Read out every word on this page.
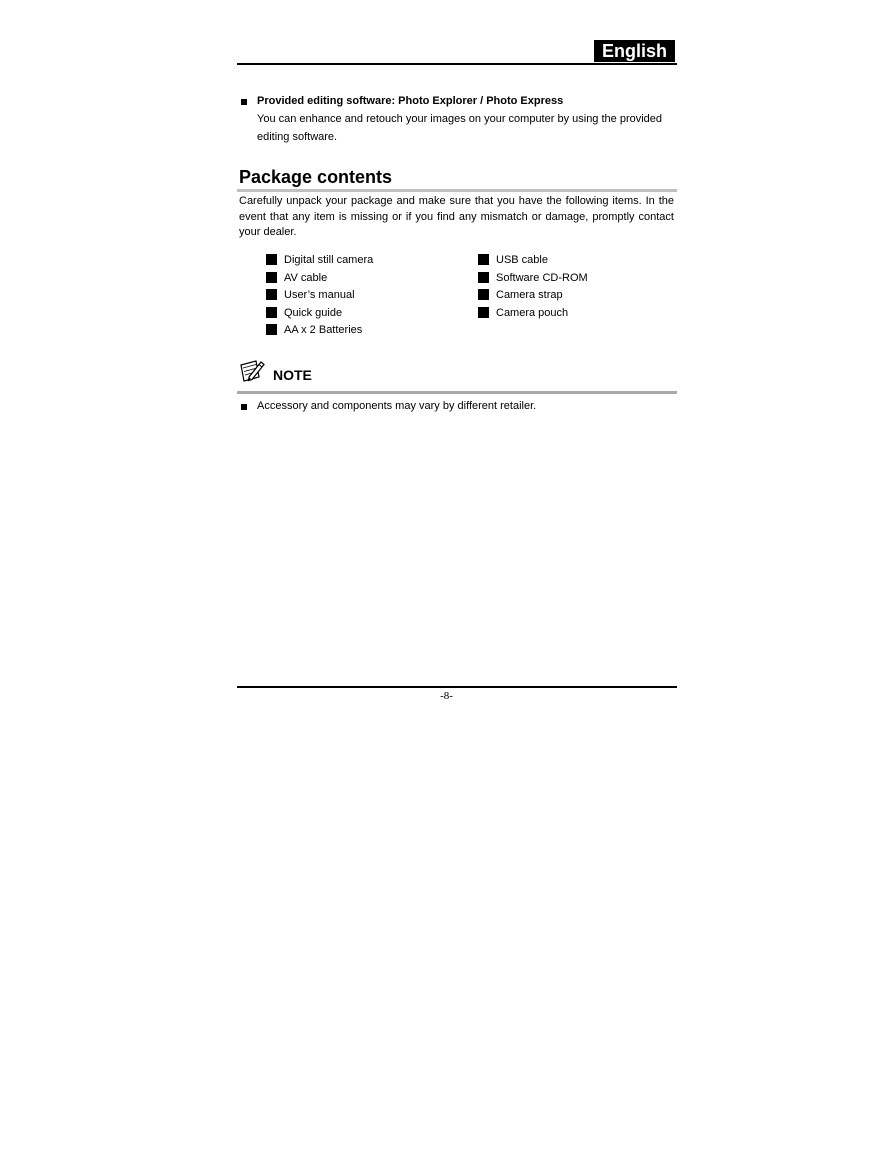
English
Provided editing software: Photo Explorer / Photo Express
You can enhance and retouch your images on your computer by using the provided editing software.
Package contents
Carefully unpack your package and make sure that you have the following items. In the event that any item is missing or if you find any mismatch or damage, promptly contact your dealer.
Digital still camera
AV cable
User’s manual
Quick guide
AA x 2 Batteries
USB cable
Software CD-ROM
Camera strap
Camera pouch
NOTE
Accessory and components may vary by different retailer.
-8-
